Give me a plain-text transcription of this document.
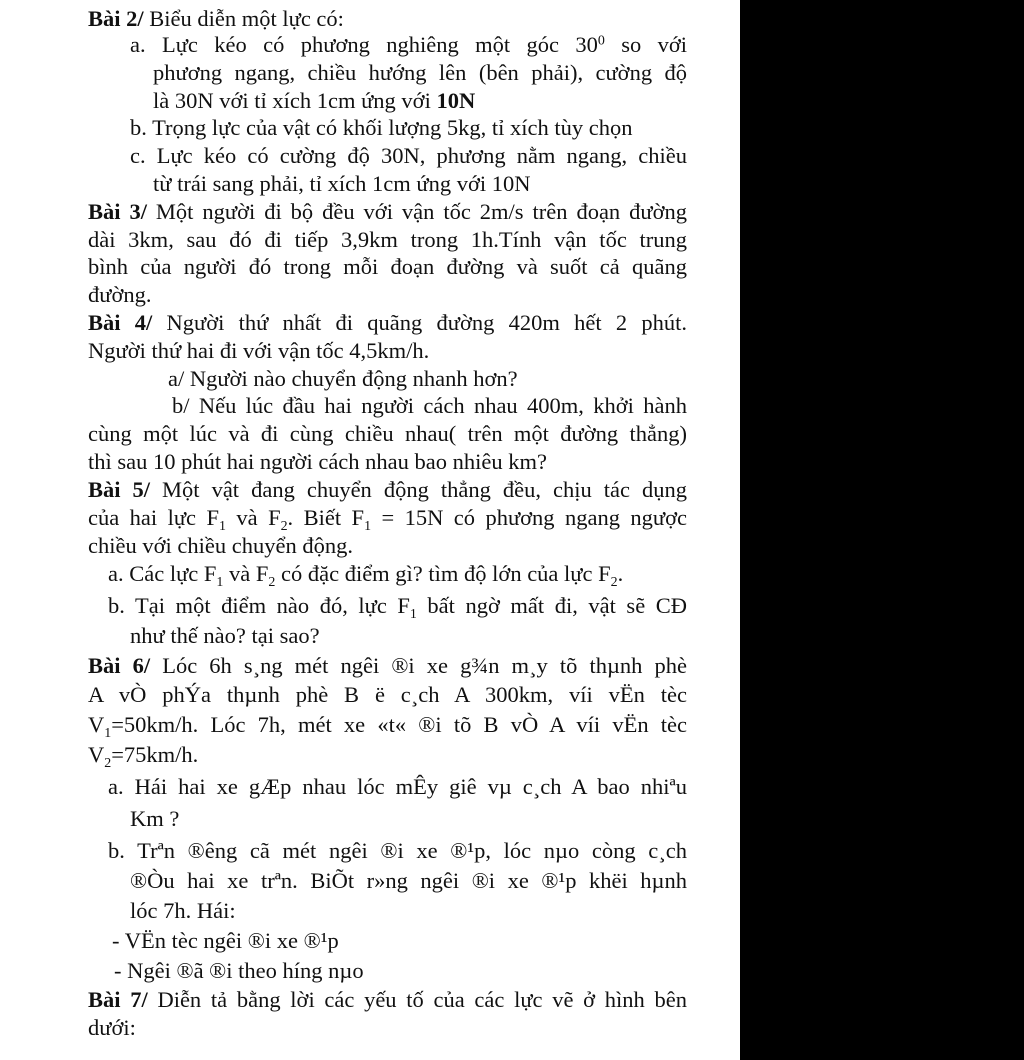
Bài 2/ Biểu diễn một lực có:
a. Lực kéo có phương nghiêng một góc $30^0$ so với
phương ngang, chiều hướng lên (bên phải), cường độ
là 30N với tỉ xích 1cm ứng với 10N
b. Trọng lực của vật có khối lượng 5kg, tỉ xích tùy chọn
c. Lực kéo có cường độ 30N, phương nằm ngang, chiều
từ trái sang phải, tỉ xích 1cm ứng với 10N
Bài 3/ Một người đi bộ đều với vận tốc 2m/s trên đoạn đường
dài 3km, sau đó đi tiếp 3,9km trong 1h.Tính vận tốc trung
bình của người đó trong mỗi đoạn đường và suốt cả quãng
đường.
Bài 4/ Người thứ nhất đi quãng đường 420m hết 2 phút.
Người thứ hai đi với vận tốc 4,5km/h.
a/ Người nào chuyển động nhanh hơn?
b/ Nếu lúc đầu hai người cách nhau 400m, khởi hành
cùng một lúc và đi cùng chiều nhau( trên một đường thẳng)
thì sau 10 phút hai người cách nhau bao nhiêu km?
Bài 5/ Một vật đang chuyển động thẳng đều, chịu tác dụng
của hai lực $F_1$ và $F_2$. Biết $F_1 = 15N$ có phương ngang ngược
chiều với chiều chuyển động.
a. Các lực $F_1$ và $F_2$ có đặc điểm gì? tìm độ lớn của lực $F_2$.
b. Tại một điểm nào đó, lực $F_1$ bất ngờ mất đi, vật sẽ CĐ
như thế nào? tại sao?
Bài 6/ Lóc 6h s¸ng mét ngêi ®i xe g¾n m¸y tõ thµnh phè
A vÒ phÝa thµnh phè B ë c¸ch A 300km, víi vËn tèc
$V_1=50km/h$. Lóc 7h, mét xe «t« ®i tõ B vÒ A víi vËn tèc
$V_2=75km/h$.
a. Hái hai xe gÆp nhau lóc mÊy giê vµ c¸ch A bao nhiªu
Km ?
b. Trªn ®êng cã mét ngêi ®i xe ®¹p, lóc nµo còng c¸ch
®Òu hai xe trªn. BiÕt r»ng ngêi ®i xe ®¹p khëi hµnh
lóc 7h. Hái:
- VËn tèc ngêi ®i xe ®¹p
- Ngêi ®ã ®i theo híng nµo
Bài 7/ Diễn tả bằng lời các yếu tố của các lực vẽ ở hình bên
dưới:
